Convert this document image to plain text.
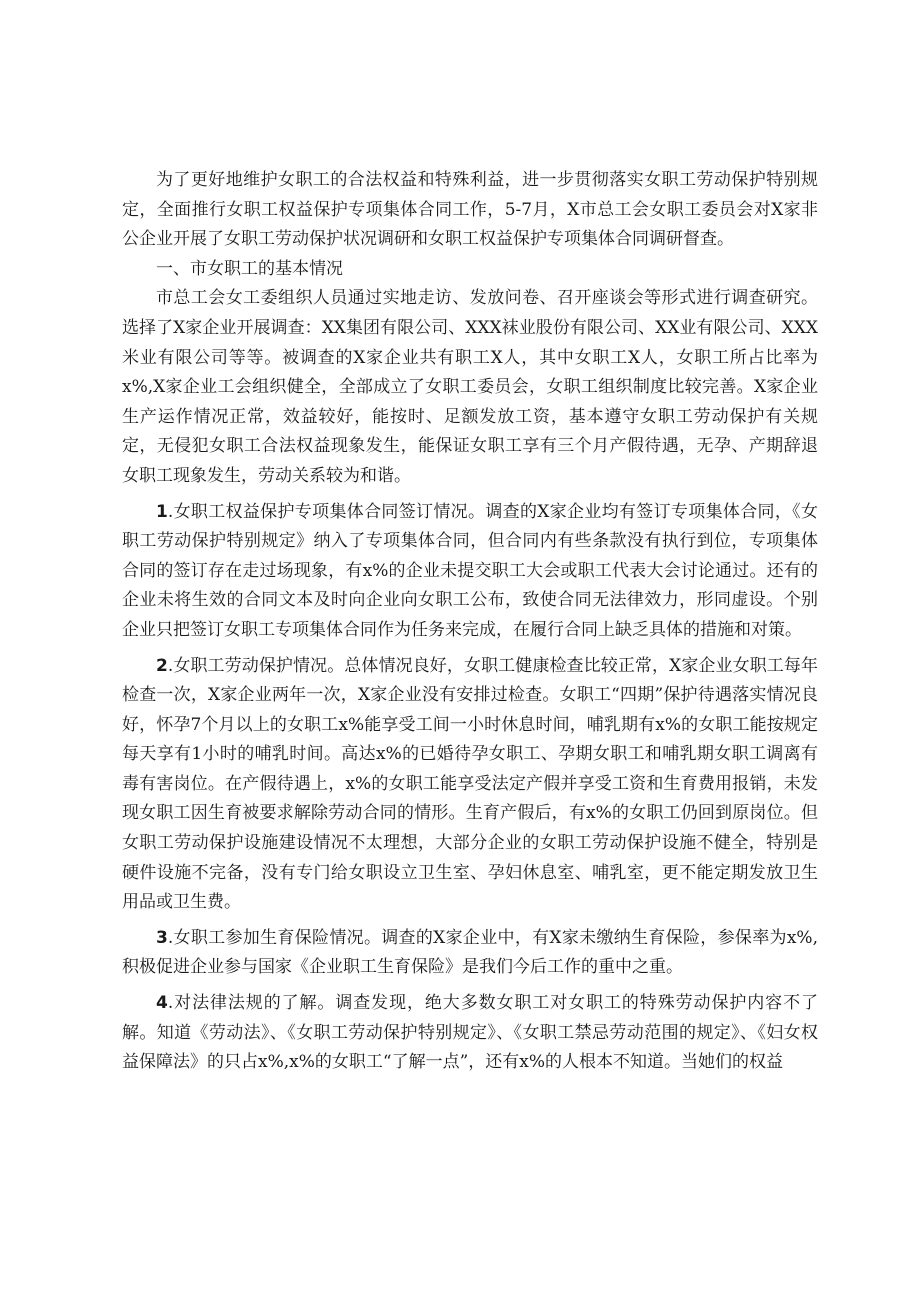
为了更好地维护女职工的合法权益和特殊利益，进一步贯彻落实女职工劳动保护特别规定，全面推行女职工权益保护专项集体合同工作，5-7月，X市总工会女职工委员会对X家非公企业开展了女职工劳动保护状况调研和女职工权益保护专项集体合同调研督查。

一、市女职工的基本情况

市总工会女工委组织人员通过实地走访、发放问卷、召开座谈会等形式进行调查研究。选择了X家企业开展调查：XX集团有限公司、XXX袜业股份有限公司、XX业有限公司、XXX米业有限公司等等。被调查的X家企业共有职工X人，其中女职工X人，女职工所占比率为x%,X家企业工会组织健全，全部成立了女职工委员会，女职工组织制度比较完善。X家企业生产运作情况正常，效益较好，能按时、足额发放工资，基本遵守女职工劳动保护有关规定，无侵犯女职工合法权益现象发生，能保证女职工享有三个月产假待遇，无孕、产期辞退女职工现象发生，劳动关系较为和谐。

1.女职工权益保护专项集体合同签订情况。调查的X家企业均有签订专项集体合同，《女职工劳动保护特别规定》纳入了专项集体合同，但合同内有些条款没有执行到位，专项集体合同的签订存在走过场现象，有x%的企业未提交职工大会或职工代表大会讨论通过。还有的企业未将生效的合同文本及时向企业向女职工公布，致使合同无法律效力，形同虚设。个别企业只把签订女职工专项集体合同作为任务来完成，在履行合同上缺乏具体的措施和对策。

2.女职工劳动保护情况。总体情况良好，女职工健康检查比较正常，X家企业女职工每年检查一次，X家企业两年一次，X家企业没有安排过检查。女职工“四期”保护待遇落实情况良好，怀孕7个月以上的女职工x%能享受工间一小时休息时间，哺乳期有x%的女职工能按规定每天享有1小时的哺乳时间。高达x%的已婚待孕女职工、孕期女职工和哺乳期女职工调离有毒有害岗位。在产假待遇上，x%的女职工能享受法定产假并享受工资和生育费用报销，未发现女职工因生育被要求解除劳动合同的情形。生育产假后，有x%的女职工仍回到原岗位。但女职工劳动保护设施建设情况不太理想，大部分企业的女职工劳动保护设施不健全，特别是硬件设施不完备，没有专门给女职设立卫生室、孕妇休息室、哺乳室，更不能定期发放卫生用品或卫生费。

3.女职工参加生育保险情况。调查的X家企业中，有X家未缴纳生育保险，参保率为x%,积极促进企业参与国家《企业职工生育保险》是我们今后工作的重中之重。

4.对法律法规的了解。调查发现，绝大多数女职工对女职工的特殊劳动保护内容不了解。知道《劳动法》、《女职工劳动保护特别规定》、《女职工禁忌劳动范围的规定》、《妇女权益保障法》的只占x%,x%的女职工“了解一点”，还有x%的人根本不知道。当她们的权益
